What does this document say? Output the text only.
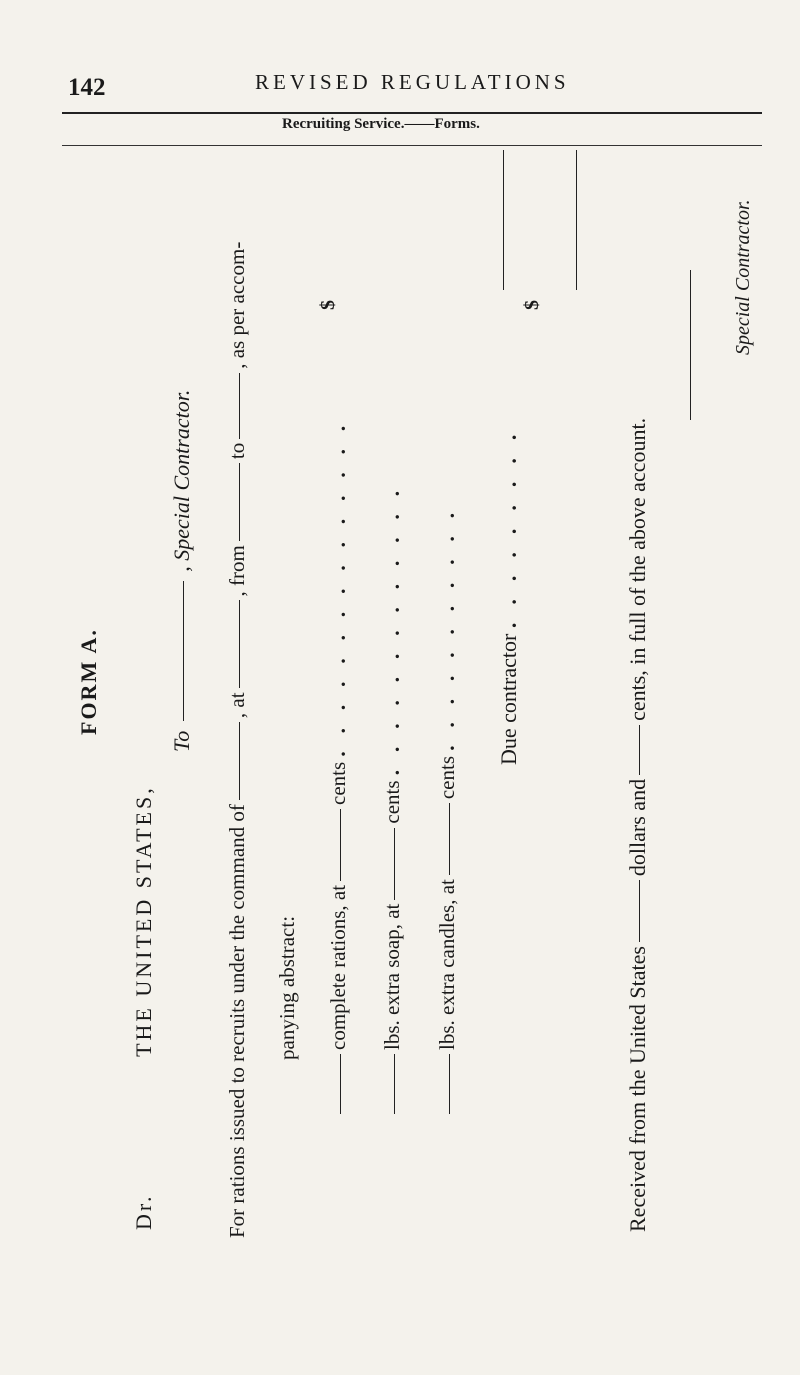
142	REVISED REGULATIONS
Recruiting Service.——Forms.
FORM A.
Dr.  THE UNITED STATES,
To  , Special Contractor.
For rations issued to recruits under the command of, at, fromto, as per accom-
panying abstract: complete rations, atcents ...............
lbs. extra soap, atcents .............
lbs. extra candles, atcents ........... Due contractor .........
$	$
Received from the United Statesdollars andcents, in full of the above account.
Special Contractor.
